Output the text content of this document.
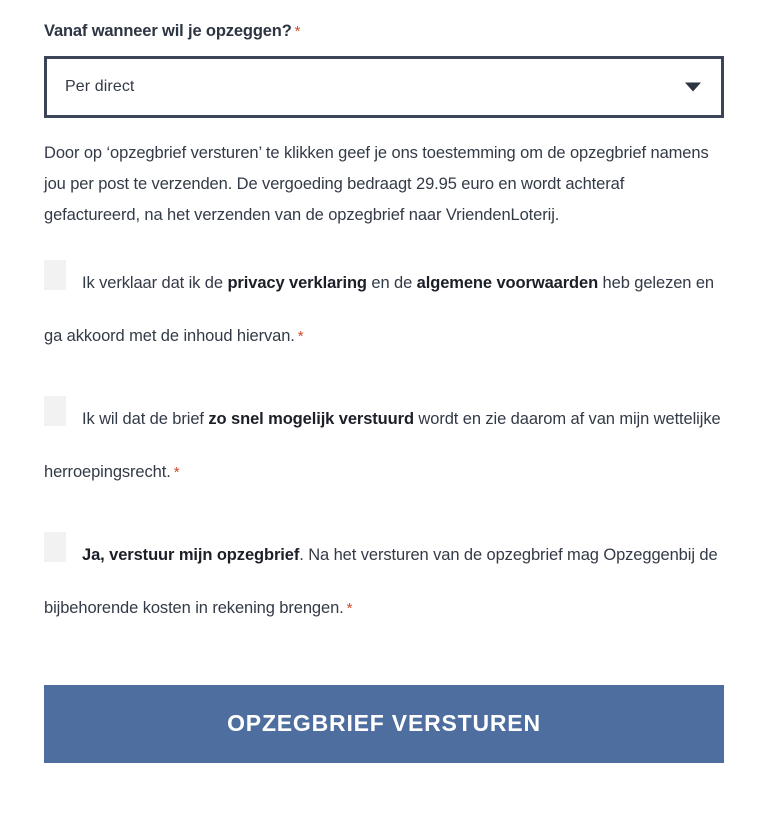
Vanaf wanneer wil je opzeggen? *
Per direct

Door op ‘opzegbrief versturen’ te klikken geef je ons toestemming om de opzegbrief namens jou per post te verzenden. De vergoeding bedraagt 29.95 euro en wordt achteraf gefactureerd, na het verzenden van de opzegbrief naar VriendenLoterij.

Ik verklaar dat ik de privacy verklaring en de algemene voorwaarden heb gelezen en ga akkoord met de inhoud hiervan. *
Ik wil dat de brief zo snel mogelijk verstuurd wordt en zie daarom af van mijn wettelijke herroepingsrecht. *
Ja, verstuur mijn opzegbrief. Na het versturen van de opzegbrief mag Opzeggenbij de bijbehorende kosten in rekening brengen. *
OPZEGBRIEF VERSTUREN
